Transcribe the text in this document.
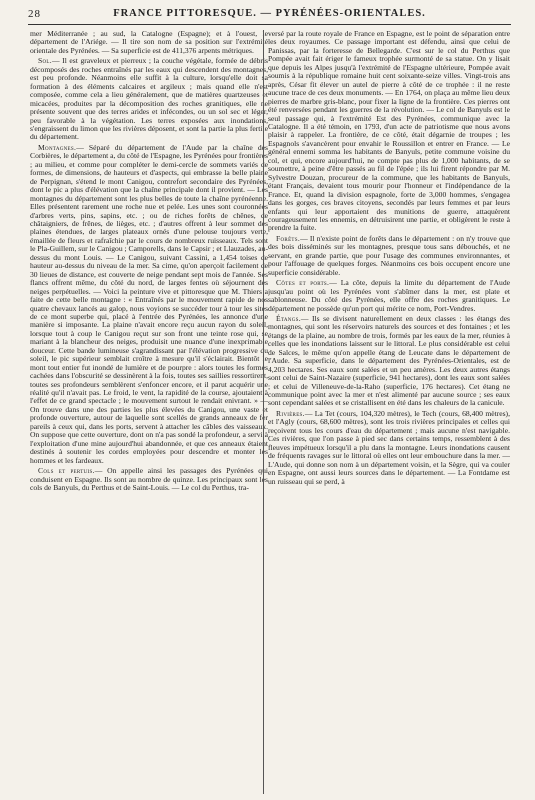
28	FRANCE PITTORESQUE. — PYRÉNÉES-ORIENTALES.

mer Méditerranée ; au sud, la Catalogne (Espagne); et à l'ouest, le département de l'Ariége. — Il tire son nom de sa position sur l'extrémité orientale des Pyrénées. — Sa superficie est de 411,376 arpents métriques.

Sol.— Il est graveleux et pierreux ; la couche végétale, formée de débris décomposés des roches entraînés par les eaux qui descendent des montagnes, est peu profonde. Néanmoins elle suffit à la culture, lorsqu'elle doit sa formation à des éléments calcaires et argileux ; mais quand elle n'est composée, comme cela a lieu généralement, que de matières quartzeuses et micacées, produites par la décomposition des roches granitiques, elle ne présente souvent que des terres arides et infécondes, ou un sol sec et léger, peu favorable à la végétation. Les terres exposées aux inondations, s'engraissent du limon que les rivières déposent, et sont la partie la plus fertile du département.

Montagnes.— Séparé du département de l'Aude par la chaîne des Corbières, le département a, du côté de l'Espagne, les Pyrénées pour frontières ; au milieu, et comme pour compléter le demi-cercle de sommets variés de formes, de dimensions, de hauteurs et d'aspects, qui embrasse la belle plaine de Perpignan, s'étend le mont Canigou, contrefort secondaire des Pyrénées, dont le pic a plus d'élévation que la chaîne principale dont il provient. — Les montagnes du département sont les plus belles de toute la chaîne pyrénéenne. Elles présentent rarement une roche nue et pelée. Les unes sont couronnées d'arbres verts, pins, sapins, etc. ; ou de riches forêts de chênes, de châtaigniers, de frênes, de lièges, etc. ; d'autres offrent à leur sommet des plaines étendues, de larges plateaux ornés d'une pelouse toujours verte, émaillée de fleurs et rafraîchie par le cours de nombreux ruisseaux. Tels sont le Pla-Guillem, sur le Canigou ; Camporells, dans le Capsir ; et Llauzades, au-dessus du mont Louis. — Le Canigou, suivant Cassini, a 1,454 toises de hauteur au-dessus du niveau de la mer. Sa cime, qu'on aperçoit facilement de 30 lieues de distance, est couverte de neige pendant sept mois de l'année. Ses flancs offrent même, du côté du nord, de larges fentes où séjournent des neiges perpétuelles. — Voici la peinture vive et pittoresque que M. Thiers a faite de cette belle montagne : « Entraînés par le mouvement rapide de nos quatre chevaux lancés au galop, nous voyions se succéder tour à tour les sites de ce mont superbe qui, placé à l'entrée des Pyrénées, les annonce d'une manière si imposante. La plaine n'avait encore reçu aucun rayon du soleil, lorsque tout à coup le Canigou reçut sur son front une teinte rose qui, se mariant à la blancheur des neiges, produisit une nuance d'une inexprimable douceur. Cette bande lumineuse s'agrandissant par l'élévation progressive du soleil, le pic supérieur semblait croître à mesure qu'il s'éclairait. Bientôt le mont tout entier fut inondé de lumière et de pourpre : alors toutes les formes cachées dans l'obscurité se dessinèrent à la fois, toutes ses saillies ressortirent, toutes ses profondeurs semblèrent s'enfoncer encore, et il parut acquérir une réalité qu'il n'avait pas. Le froid, le vent, la rapidité de la course, ajoutaient à l'effet de ce grand spectacle ; le mouvement surtout le rendait enivrant. » — On trouve dans une des parties les plus élevées du Canigou, une vaste et profonde ouverture, autour de laquelle sont scellés de grands anneaux de fer pareils à ceux qui, dans les ports, servent à attacher les câbles des vaisseaux. On suppose que cette ouverture, dont on n'a pas sondé la profondeur, a servi à l'exploitation d'une mine aujourd'hui abandonnée, et que ces anneaux étaient destinés à soutenir les cordes employées pour descendre et monter les hommes et les fardeaux.

Cols et pertuis.— On appelle ainsi les passages des Pyrénées qui conduisent en Espagne. Ils sont au nombre de quinze. Les principaux sont les cols de Banyuls, du Perthus et de Saint-Louis. — Le col du Perthus, tra-

versé par la route royale de France en Espagne, est le point de séparation entre les deux royaumes. Ce passage important est défendu, ainsi que celui de Panissas, par la forteresse de Bellegarde. C'est sur le col du Perthus que Pompée avait fait ériger le fameux trophée surmonté de sa statue. On y lisait que depuis les Alpes jusqu'à l'extrémité de l'Espagne ultérieure, Pompée avait soumis à la république romaine huit cent soixante-seize villes. Vingt-trois ans après, César fit élever un autel de pierre à côté de ce trophée : il ne reste aucune trace de ces deux monuments. — En 1764, on plaça au même lieu deux pierres de marbre gris-blanc, pour fixer la ligne de la frontière. Ces pierres ont été renversées pendant les guerres de la révolution. — Le col de Banyuls est le seul passage qui, à l'extrémité Est des Pyrénées, communique avec la Catalogne. Il a été témoin, en 1793, d'un acte de patriotisme que nous avons plaisir à rappeler. La frontière, de ce côté, était dégarnie de troupes ; les Espagnols s'avancèrent pour envahir le Roussillon et entrer en France. — Le général ennemi somma les habitants de Banyuls, petite commune voisine du col, et qui, encore aujourd'hui, ne compte pas plus de 1,000 habitants, de se soumettre, à peine d'être passés au fil de l'épée ; ils lui firent répondre par M. Sylvestre Douzan, procureur de la commune, que les habitants de Banyuls, étant Français, devaient tous mourir pour l'honneur et l'indépendance de la France. Et, quand la division espagnole, forte de 3,000 hommes, s'engagea dans les gorges, ces braves citoyens, secondés par leurs femmes et par leurs enfants qui leur apportaient des munitions de guerre, attaquèrent courageusement les ennemis, en détruisirent une partie, et obligèrent le reste à prendre la fuite.

Forêts.— Il n'existe point de forêts dans le département : on n'y trouve que des bois disséminés sur les montagnes, presque tous sans débouchés, et ne servant, en grande partie, que pour l'usage des communes environnantes, et pour l'affouage de quelques forges. Néanmoins ces bois occupent encore une superficie considérable.

Côtes et ports.— La côte, depuis la limite du département de l'Aude jusqu'au point où les Pyrénées vont s'abîmer dans la mer, est plate et sablonneuse. Du côté des Pyrénées, elle offre des roches granitiques. Le département ne possède qu'un port qui mérite ce nom, Port-Vendres.

Étangs.— Ils se divisent naturellement en deux classes : les étangs des montagnes, qui sont les réservoirs naturels des sources et des fontaines ; et les étangs de la plaine, au nombre de trois, formés par les eaux de la mer, réunies à celles que les inondations laissent sur le littoral. Le plus considérable est celui de Salces, le même qu'on appelle étang de Leucate dans le département de l'Aude. Sa superficie, dans le département des Pyrénées-Orientales, est de 4,203 hectares. Ses eaux sont salées et un peu amères. Les deux autres étangs sont celui de Saint-Nazaire (superficie, 941 hectares), dont les eaux sont salées ; et celui de Villeneuve-de-la-Raho (superficie, 176 hectares). Cet étang ne communique point avec la mer et n'est alimenté par aucune source ; ses eaux sont cependant salées et se cristallisent en été dans les chaleurs de la canicule.

Rivières.— La Tet (cours, 104,320 mètres), le Tech (cours, 68,400 mètres), et l'Agly (cours, 68,600 mètres), sont les trois rivières principales et celles qui reçoivent tous les cours d'eau du département ; mais aucune n'est navigable. Ces rivières, que l'on passe à pied sec dans certains temps, ressemblent à des fleuves impétueux lorsqu'il a plu dans la montagne. Leurs inondations causent de fréquents ravages sur le littoral où elles ont leur embouchure dans la mer. — L'Aude, qui donne son nom à un département voisin, et la Sègre, qui va couler en Espagne, ont aussi leurs sources dans le département. — La Fontdame est un ruisseau qui se perd, à
